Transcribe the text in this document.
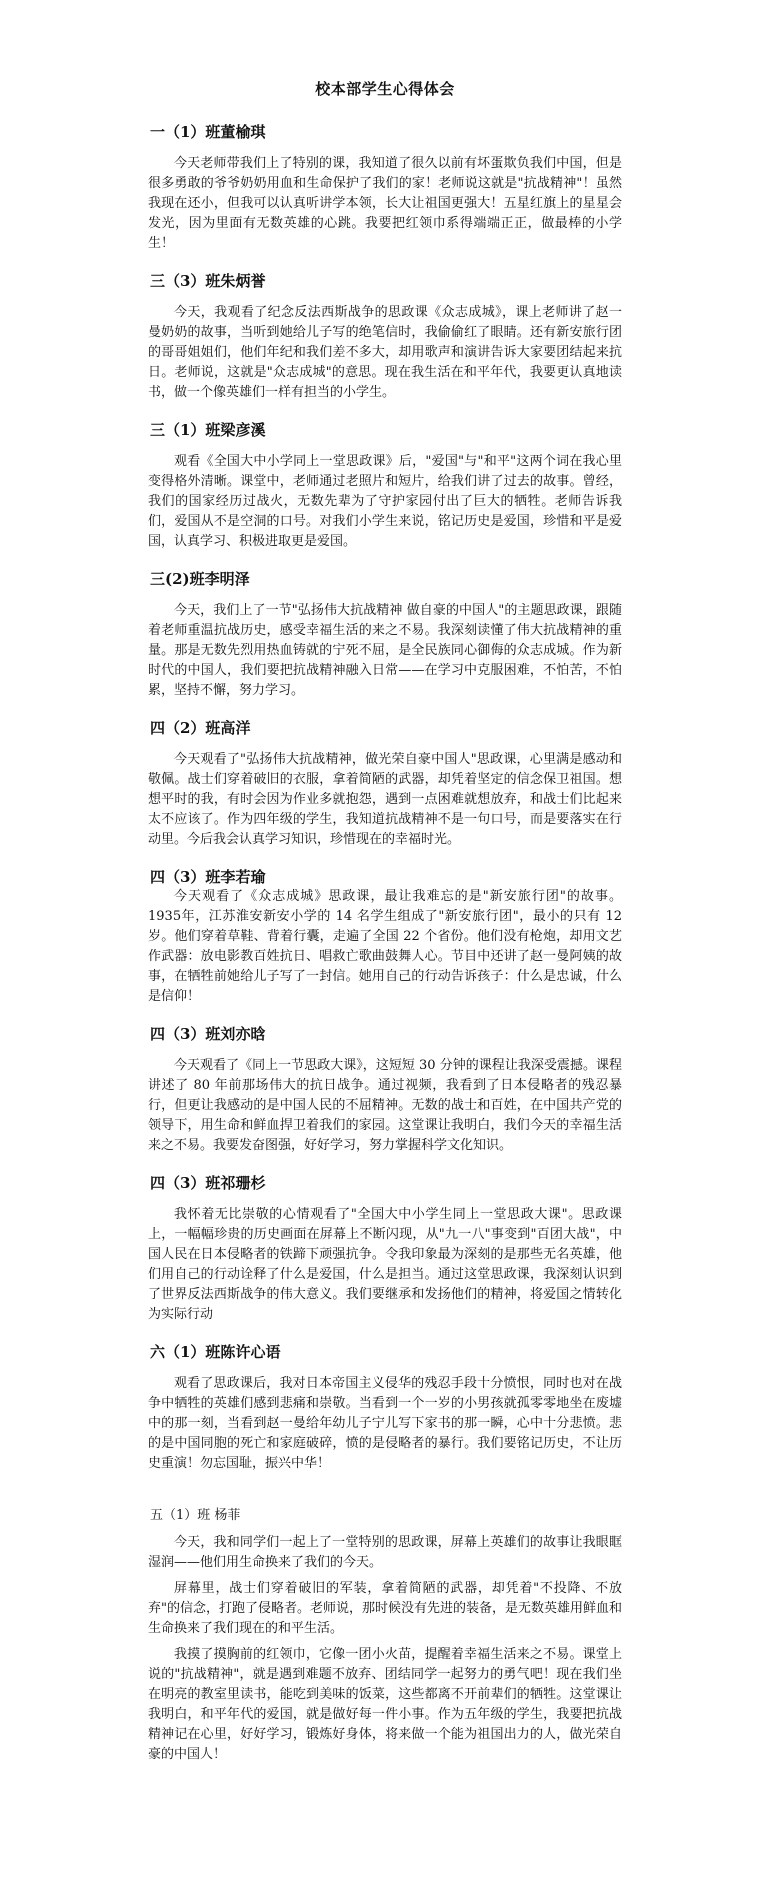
校本部学生心得体会
一（1）班董榆琪

今天老师带我们上了特别的课，我知道了很久以前有坏蛋欺负我们中国，但是很多勇敢的爷爷奶奶用血和生命保护了我们的家！老师说这就是"抗战精神"！虽然我现在还小，但我可以认真听讲学本领，长大让祖国更强大！五星红旗上的星星会发光，因为里面有无数英雄的心跳。我要把红领巾系得端端正正，做最棒的小学生！

三（3）班朱炳誉

今天，我观看了纪念反法西斯战争的思政课《众志成城》，课上老师讲了赵一曼奶奶的故事，当听到她给儿子写的绝笔信时，我偷偷红了眼睛。还有新安旅行团的哥哥姐姐们，他们年纪和我们差不多大，却用歌声和演讲告诉大家要团结起来抗日。老师说，这就是"众志成城"的意思。现在我生活在和平年代，我要更认真地读书，做一个像英雄们一样有担当的小学生。

三（1）班梁彦溪

观看《全国大中小学同上一堂思政课》后，"爱国"与"和平"这两个词在我心里变得格外清晰。课堂中，老师通过老照片和短片，给我们讲了过去的故事。曾经，我们的国家经历过战火，无数先辈为了守护家园付出了巨大的牺牲。老师告诉我们，爱国从不是空洞的口号。对我们小学生来说，铭记历史是爱国，珍惜和平是爱国，认真学习、积极进取更是爱国。

三(2)班李明泽

今天，我们上了一节"弘扬伟大抗战精神 做自豪的中国人"的主题思政课，跟随着老师重温抗战历史，感受幸福生活的来之不易。我深刻读懂了伟大抗战精神的重量。那是无数先烈用热血铸就的宁死不屈，是全民族同心御侮的众志成城。作为新时代的中国人，我们要把抗战精神融入日常——在学习中克服困难，不怕苦，不怕累，坚持不懈，努力学习。

四（2）班高洋

今天观看了"弘扬伟大抗战精神，做光荣自豪中国人"思政课，心里满是感动和敬佩。战士们穿着破旧的衣服，拿着简陋的武器，却凭着坚定的信念保卫祖国。想想平时的我，有时会因为作业多就抱怨，遇到一点困难就想放弃，和战士们比起来太不应该了。作为四年级的学生，我知道抗战精神不是一句口号，而是要落实在行动里。今后我会认真学习知识，珍惜现在的幸福时光。

四（3）班李若瑜

今天观看了《众志成城》思政课，最让我难忘的是"新安旅行团"的故事。1935年，江苏淮安新安小学的 14 名学生组成了"新安旅行团"，最小的只有 12 岁。他们穿着草鞋、背着行囊，走遍了全国 22 个省份。他们没有枪炮，却用文艺作武器：放电影教百姓抗日、唱救亡歌曲鼓舞人心。节目中还讲了赵一曼阿姨的故事，在牺牲前她给儿子写了一封信。她用自己的行动告诉孩子：什么是忠诚，什么是信仰！

四（3）班刘亦晗

今天观看了《同上一节思政大课》，这短短 30 分钟的课程让我深受震撼。课程讲述了 80 年前那场伟大的抗日战争。通过视频，我看到了日本侵略者的残忍暴行，但更让我感动的是中国人民的不屈精神。无数的战士和百姓，在中国共产党的领导下，用生命和鲜血捍卫着我们的家园。这堂课让我明白，我们今天的幸福生活来之不易。我要发奋图强，好好学习，努力掌握科学文化知识。

四（3）班祁珊杉

我怀着无比崇敬的心情观看了"全国大中小学生同上一堂思政大课"。思政课上，一幅幅珍贵的历史画面在屏幕上不断闪现，从"九一八"事变到"百团大战"，中国人民在日本侵略者的铁蹄下顽强抗争。令我印象最为深刻的是那些无名英雄，他们用自己的行动诠释了什么是爱国，什么是担当。通过这堂思政课，我深刻认识到了世界反法西斯战争的伟大意义。我们要继承和发扬他们的精神，将爱国之情转化为实际行动

六（1）班陈许心语

观看了思政课后，我对日本帝国主义侵华的残忍手段十分愤恨，同时也对在战争中牺牲的英雄们感到悲痛和崇敬。当看到一个一岁的小男孩就孤零零地坐在废墟中的那一刻，当看到赵一曼给年幼儿子宁儿写下家书的那一瞬，心中十分悲愤。悲的是中国同胞的死亡和家庭破碎，愤的是侵略者的暴行。我们要铭记历史，不让历史重演！勿忘国耻，振兴中华！

五（1）班 杨菲

今天，我和同学们一起上了一堂特别的思政课，屏幕上英雄们的故事让我眼眶湿润——他们用生命换来了我们的今天。

屏幕里，战士们穿着破旧的军装，拿着简陋的武器，却凭着"不投降、不放弃"的信念，打跑了侵略者。老师说，那时候没有先进的装备，是无数英雄用鲜血和生命换来了我们现在的和平生活。

我摸了摸胸前的红领巾，它像一团小火苗，提醒着幸福生活来之不易。课堂上说的"抗战精神"，就是遇到难题不放弃、团结同学一起努力的勇气吧！现在我们坐在明亮的教室里读书，能吃到美味的饭菜，这些都离不开前辈们的牺牲。这堂课让我明白，和平年代的爱国，就是做好每一件小事。作为五年级的学生，我要把抗战精神记在心里，好好学习，锻炼好身体，将来做一个能为祖国出力的人，做光荣自豪的中国人！
